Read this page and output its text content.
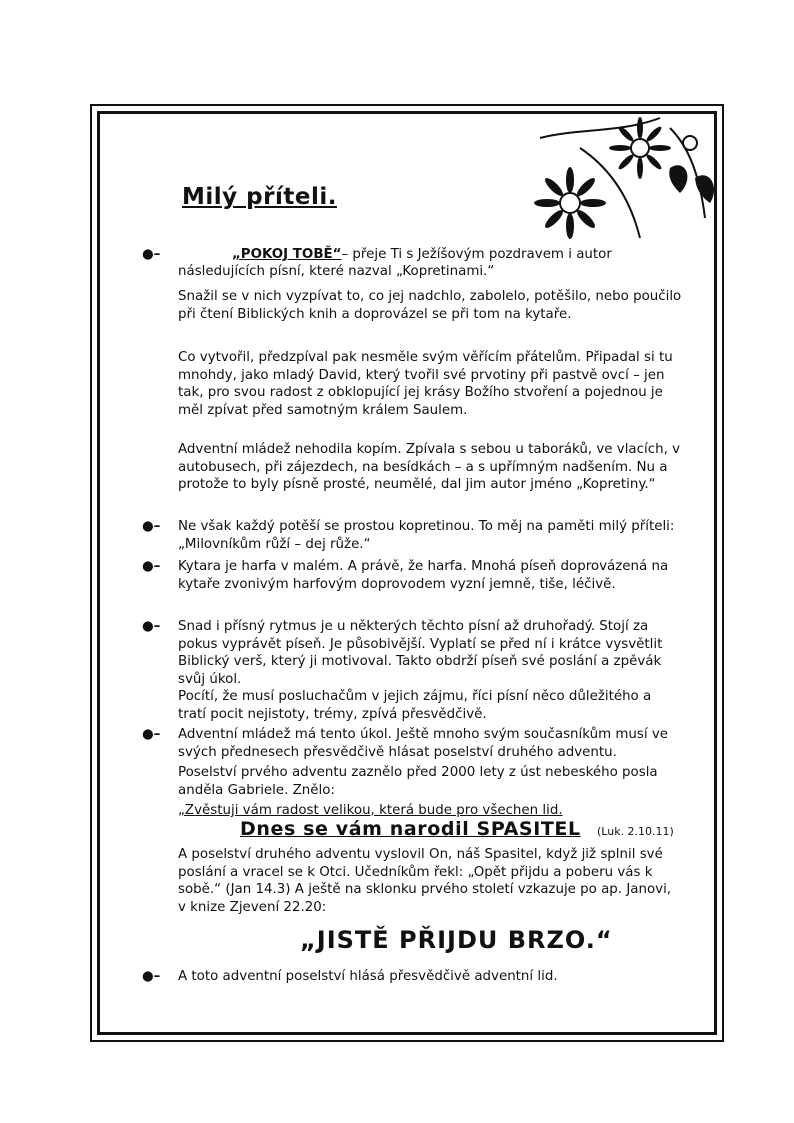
Milý příteli.
●–	„POKOJ TOBĚ“– přeje Ti s Ježíšovým pozdravem i autor
následujících písní, které nazval „Kopretinami.“
Snažil se v nich vyzpívat to, co jej nadchlo, zabolelo, potěšilo, nebo poučilo při čtení Biblických knih a doprovázel se při tom na kytaře.
Co vytvořil, předzpíval pak nesměle svým věřícím přátelům. Připadal si tu mnohdy, jako mladý David, který tvořil své prvotiny při pastvě ovcí – jen tak, pro svou radost z obklopující jej krásy Božího stvoření a pojednou je měl zpívat před samotným králem Saulem.
Adventní mládež nehodila kopím. Zpívala s sebou u taboráků, ve vlacích, v autobusech, při zájezdech, na besídkách – a s upřímným nadšením. Nu a protože to byly písně prosté, neumělé, dal jim autor jméno „Kopretiny.“
●– Ne však každý potěší se prostou kopretinou. To měj na paměti milý příteli: „Milovníkům růží – dej růže.“
●– Kytara je harfa v malém. A právě, že harfa. Mnohá píseň doprovázená na kytaře zvonivým harfovým doprovodem vyzní jemně, tiše, léčivě.
●– Snad i přísný rytmus je u některých těchto písní až druhořadý. Stojí za pokus vyprávět píseň. Je působivější. Vyplatí se před ní i krátce vysvětlit Biblický verš, který ji motivoval. Takto obdrží píseň své poslání a zpěvák svůj úkol.
Pocítí, že musí posluchačům v jejich zájmu, říci písní něco důležitého a tratí pocit nejistoty, trémy, zpívá přesvědčivě.
●– Adventní mládež má tento úkol. Ještě mnoho svým současníkům musí ve svých přednesech přesvědčivě hlásat poselství druhého adventu.
Poselství prvého adventu zaznělo před 2000 lety z úst nebeského posla anděla Gabriele. Znělo:
„Zvěstuji vám radost velikou, která bude pro všechen lid.
Dnes se vám narodil SPASITEL (Luk. 2.10.11)
A poselství druhého adventu vyslovil On, náš Spasitel, když již splnil své poslání a vracel se k Otci. Učedníkům řekl: „Opět přijdu a poberu vás k sobě.“ (Jan 14.3) A ještě na sklonku prvého století vzkazuje po ap. Janovi, v knize Zjevení 22.20:
„JISTĚ PŘIJDU BRZO.“
●– A toto adventní poselství hlásá přesvědčivě adventní lid.
